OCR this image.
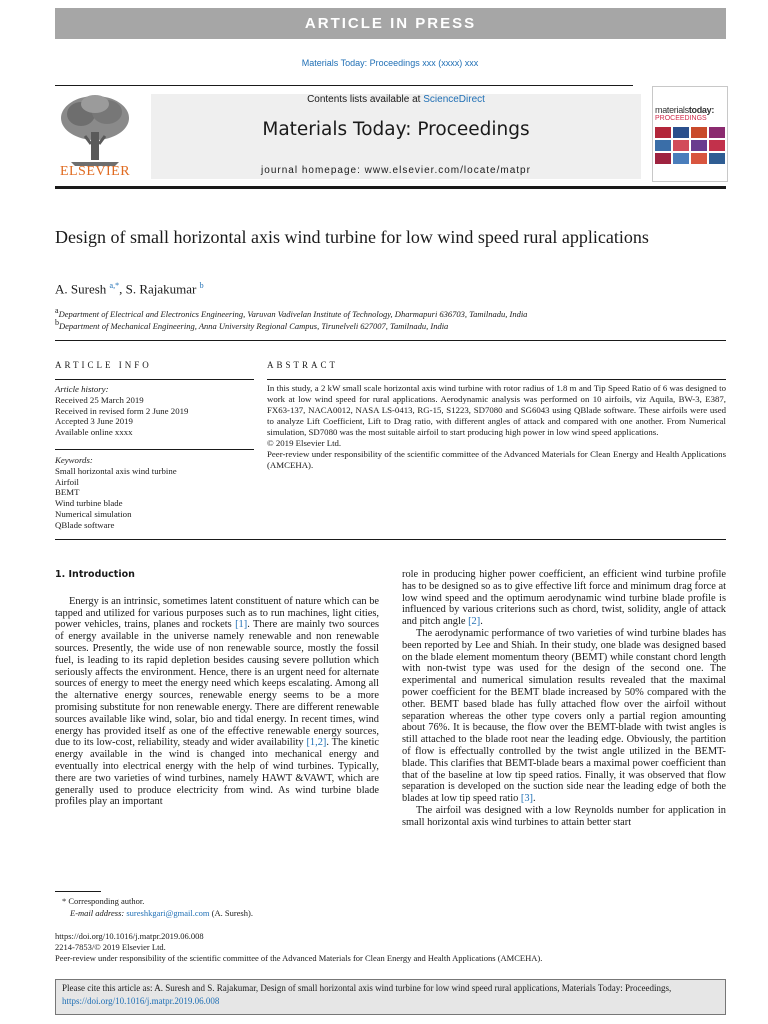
ARTICLE IN PRESS
Materials Today: Proceedings xxx (xxxx) xxx
ELSEVIER
Contents lists available at ScienceDirect
Materials Today: Proceedings
journal homepage: www.elsevier.com/locate/matpr
materialstoday:
PROCEEDINGS
Design of small horizontal axis wind turbine for low wind speed rural applications
A. Suresh $^{a,*}$, S. Rajakumar $^b$
aDepartment of Electrical and Electronics Engineering, Varuvan Vadivelan Institute of Technology, Dharmapuri 636703, Tamilnadu, India
bDepartment of Mechanical Engineering, Anna University Regional Campus, Tirunelveli 627007, Tamilnadu, India
ARTICLE INFO	ABSTRACT
Article history:
Received 25 March 2019
Received in revised form 2 June 2019
Accepted 3 June 2019
Available online xxxx
Keywords:
Small horizontal axis wind turbine
Airfoil
BEMT
Wind turbine blade
Numerical simulation
QBlade software
In this study, a 2 kW small scale horizontal axis wind turbine with rotor radius of 1.8 m and Tip Speed Ratio of 6 was designed to work at low wind speed for rural applications. Aerodynamic analysis was performed on 10 airfoils, viz Aquila, BW-3, E387, FX63-137, NACA0012, NASA LS-0413, RG-15, S1223, SD7080 and SG6043 using QBlade software. These airfoils were used to analyze Lift Coefficient, Lift to Drag ratio, with different angles of attack and compared with one another. From Numerical simulation, SD7080 was the most suitable airfoil to start producing high power in low wind speed applications.
© 2019 Elsevier Ltd.
Peer-review under responsibility of the scientific committee of the Advanced Materials for Clean Energy and Health Applications (AMCEHA).

1. Introduction

Energy is an intrinsic, sometimes latent constituent of nature which can be tapped and utilized for various purposes such as to run machines, light cities, power vehicles, trains, planes and rockets [1]. There are mainly two sources of energy available in the universe namely renewable and non renewable sources. Presently, the wide use of non renewable source, mostly the fossil fuel, is leading to its rapid depletion besides causing severe pollution which seriously affects the environment. Hence, there is an urgent need for alternate sources of energy to meet the energy need which keeps escalating. Among all the alternative energy sources, renewable energy seems to be a more promising substitute for non renewable energy. There are different renewable sources available like wind, solar, bio and tidal energy. In recent times, wind energy has provided itself as one of the effective renewable energy sources, due to its low-cost, reliability, steady and wider availability [1,2]. The kinetic energy available in the wind is changed into mechanical energy and eventually into electrical energy with the help of wind turbines. Typically, there are two varieties of wind turbines, namely HAWT &VAWT, which are generally used to produce electricity from wind. As wind turbine blade profiles play an important

role in producing higher power coefficient, an efficient wind turbine profile has to be designed so as to give effective lift force and minimum drag force at low wind speed and the optimum aerodynamic wind turbine blade profile is influenced by various criterions such as chord, twist, solidity, angle of attack and pitch angle [2].

The aerodynamic performance of two varieties of wind turbine blades has been reported by Lee and Shiah. In their study, one blade was designed based on the blade element momentum theory (BEMT) while constant chord length with non-twist type was used for the design of the second one. The experimental and numerical simulation results revealed that the maximal power coefficient for the BEMT blade increased by 50% compared with the other. BEMT based blade has fully attached flow over the airfoil without separation whereas the other type covers only a partial region amounting about 76%. It is because, the flow over the BEMT-blade with twist angles is still attached to the blade root near the leading edge. Obviously, the partition of flow is effectually controlled by the twist angle utilized in the BEMT-blade. This clarifies that BEMT-blade bears a maximal power coefficient than that of the baseline at low tip speed ratios. Finally, it was observed that flow separation is developed on the suction side near the leading edge of both the blades at low tip speed ratio [3].

The airfoil was designed with a low Reynolds number for application in small horizontal axis wind turbines to attain better start

* Corresponding author.
E-mail address: sureshkgari@gmail.com (A. Suresh).
https://doi.org/10.1016/j.matpr.2019.06.008
2214-7853/© 2019 Elsevier Ltd.
Peer-review under responsibility of the scientific committee of the Advanced Materials for Clean Energy and Health Applications (AMCEHA).
Please cite this article as: A. Suresh and S. Rajakumar, Design of small horizontal axis wind turbine for low wind speed rural applications, Materials Today: Proceedings, https://doi.org/10.1016/j.matpr.2019.06.008
